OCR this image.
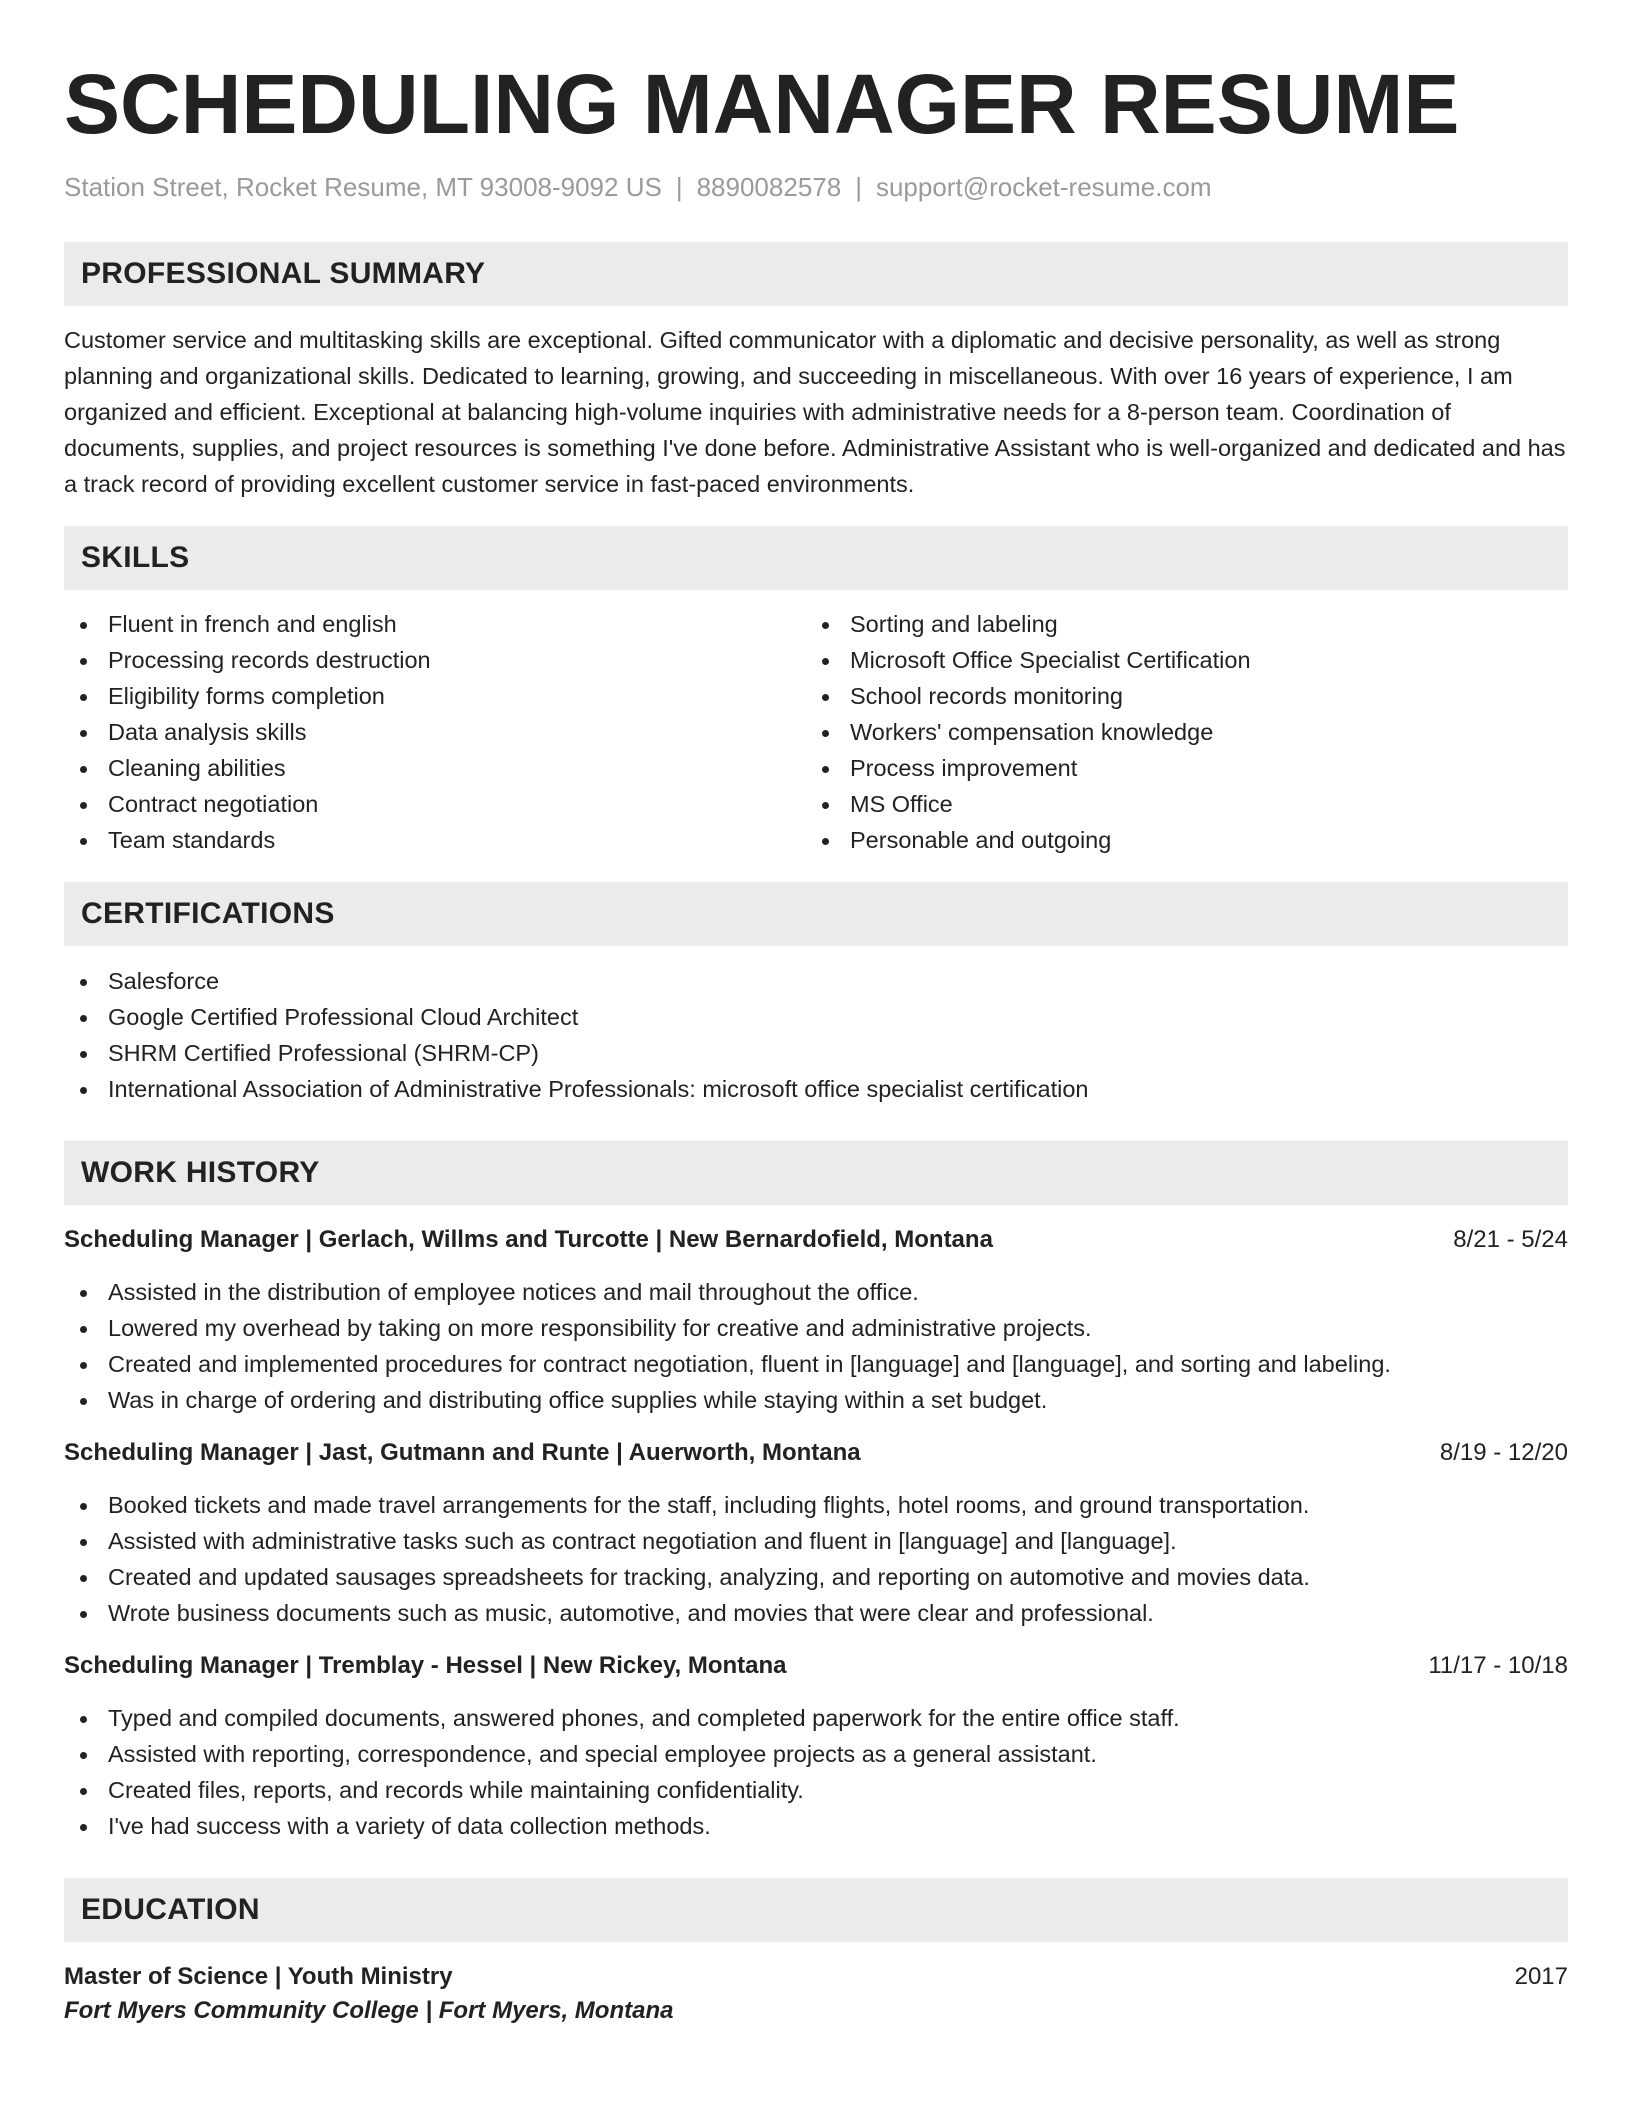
SCHEDULING MANAGER RESUME
Station Street, Rocket Resume, MT 93008-9092 US | 8890082578 | support@rocket-resume.com
PROFESSIONAL SUMMARY

Customer service and multitasking skills are exceptional. Gifted communicator with a diplomatic and decisive personality, as well as strong planning and organizational skills. Dedicated to learning, growing, and succeeding in miscellaneous. With over 16 years of experience, I am organized and efficient. Exceptional at balancing high-volume inquiries with administrative needs for a 8-person team. Coordination of documents, supplies, and project resources is something I've done before. Administrative Assistant who is well-organized and dedicated and has a track record of providing excellent customer service in fast-paced environments.

SKILLS
Fluent in french and english
Processing records destruction
Eligibility forms completion
Data analysis skills
Cleaning abilities
Contract negotiation
Team standards
Sorting and labeling
Microsoft Office Specialist Certification
School records monitoring
Workers' compensation knowledge
Process improvement
MS Office
Personable and outgoing
CERTIFICATIONS
Salesforce
Google Certified Professional Cloud Architect
SHRM Certified Professional (SHRM-CP)
International Association of Administrative Professionals: microsoft office specialist certification
WORK HISTORY
Scheduling Manager | Gerlach, Willms and Turcotte | New Bernardofield, Montana	8/21 - 5/24
Assisted in the distribution of employee notices and mail throughout the office.
Lowered my overhead by taking on more responsibility for creative and administrative projects.
Created and implemented procedures for contract negotiation, fluent in [language] and [language], and sorting and labeling.
Was in charge of ordering and distributing office supplies while staying within a set budget.
Scheduling Manager | Jast, Gutmann and Runte | Auerworth, Montana	8/19 - 12/20
Booked tickets and made travel arrangements for the staff, including flights, hotel rooms, and ground transportation.
Assisted with administrative tasks such as contract negotiation and fluent in [language] and [language].
Created and updated sausages spreadsheets for tracking, analyzing, and reporting on automotive and movies data.
Wrote business documents such as music, automotive, and movies that were clear and professional.
Scheduling Manager | Tremblay - Hessel | New Rickey, Montana	11/17 - 10/18
Typed and compiled documents, answered phones, and completed paperwork for the entire office staff.
Assisted with reporting, correspondence, and special employee projects as a general assistant.
Created files, reports, and records while maintaining confidentiality.
I've had success with a variety of data collection methods.
EDUCATION
Master of Science | Youth Ministry	2017
Fort Myers Community College | Fort Myers, Montana
